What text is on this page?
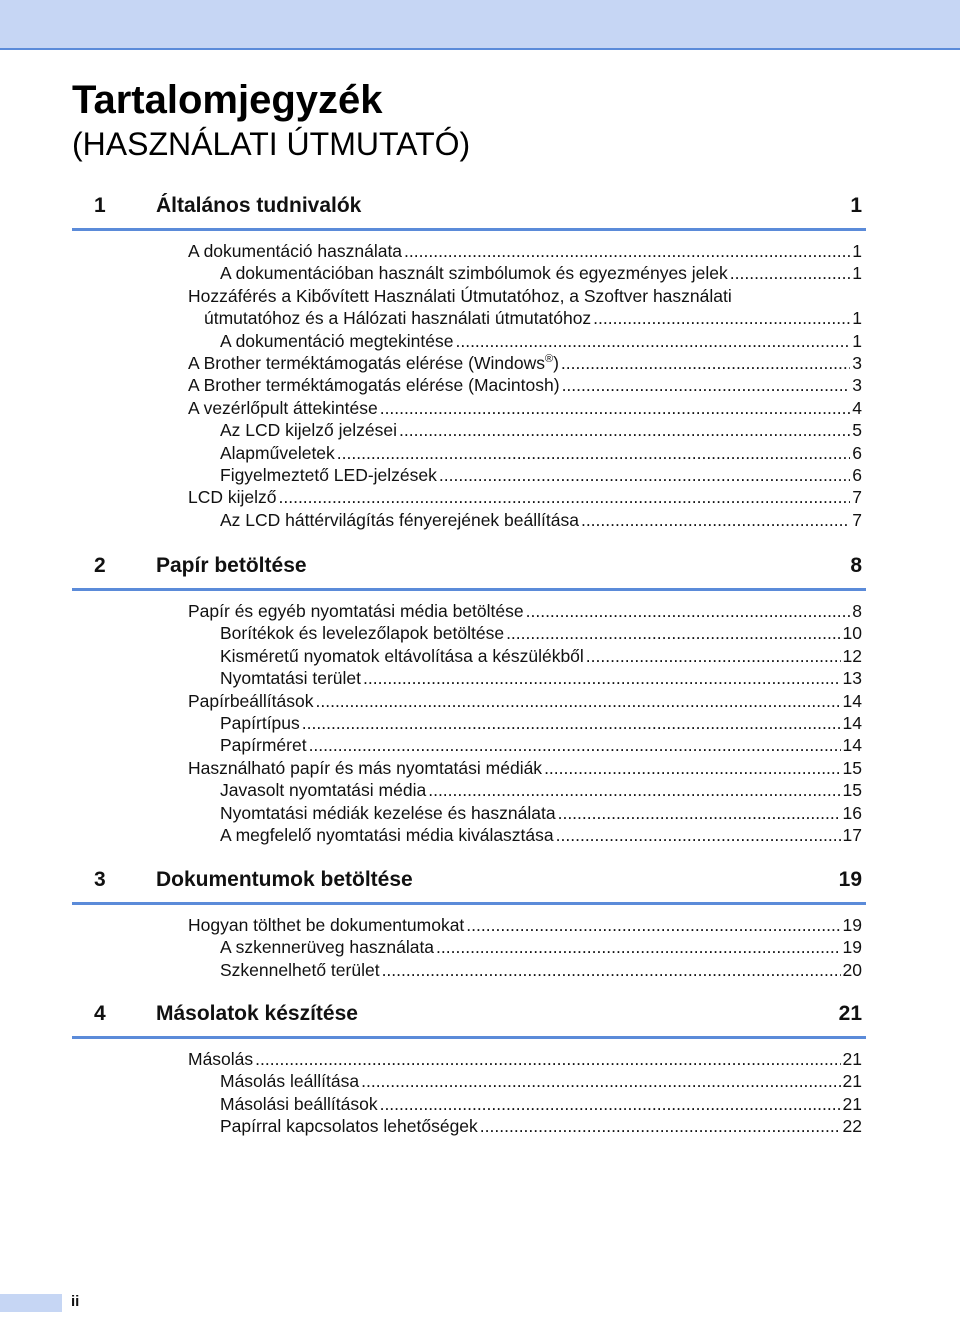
Tartalomjegyzék
(HASZNÁLATI ÚTMUTATÓ)
1 Általános tudnivalók	1
A dokumentáció használata .....	1
A dokumentációban használt szimbólumok és egyezményes jelek .....	1
Hozzáférés a Kibővített Használati Útmutatóhoz, a Szoftver használati
útmutatóhoz és a Hálózati használati útmutatóhoz .....	1
A dokumentáció megtekintése .....	1
A Brother terméktámogatás elérése (Windows®) .....	3
A Brother terméktámogatás elérése (Macintosh) .....	3
A vezérlőpult áttekintése .....	4
Az LCD kijelző jelzései .....	5
Alapműveletek .....	6
Figyelmeztető LED-jelzések .....	6
LCD kijelző .....	7
Az LCD háttérvilágítás fényerejének beállítása .....	7
2 Papír betöltése	8
Papír és egyéb nyomtatási média betöltése .....	8
Borítékok és levelezőlapok betöltése .....	10
Kisméretű nyomatok eltávolítása a készülékből .....	12
Nyomtatási terület .....	13
Papírbeállítások .....	14
Papírtípus .....	14
Papírméret .....	14
Használható papír és más nyomtatási médiák .....	15
Javasolt nyomtatási média .....	15
Nyomtatási médiák kezelése és használata .....	16
A megfelelő nyomtatási média kiválasztása .....	17
3 Dokumentumok betöltése	19
Hogyan tölthet be dokumentumokat .....	19
A szkennerüveg használata .....	19
Szkennelhető terület .....	20
4 Másolatok készítése	21
Másolás .....	21
Másolás leállítása .....	21
Másolási beállítások .....	21
Papírral kapcsolatos lehetőségek .....	22
ii
